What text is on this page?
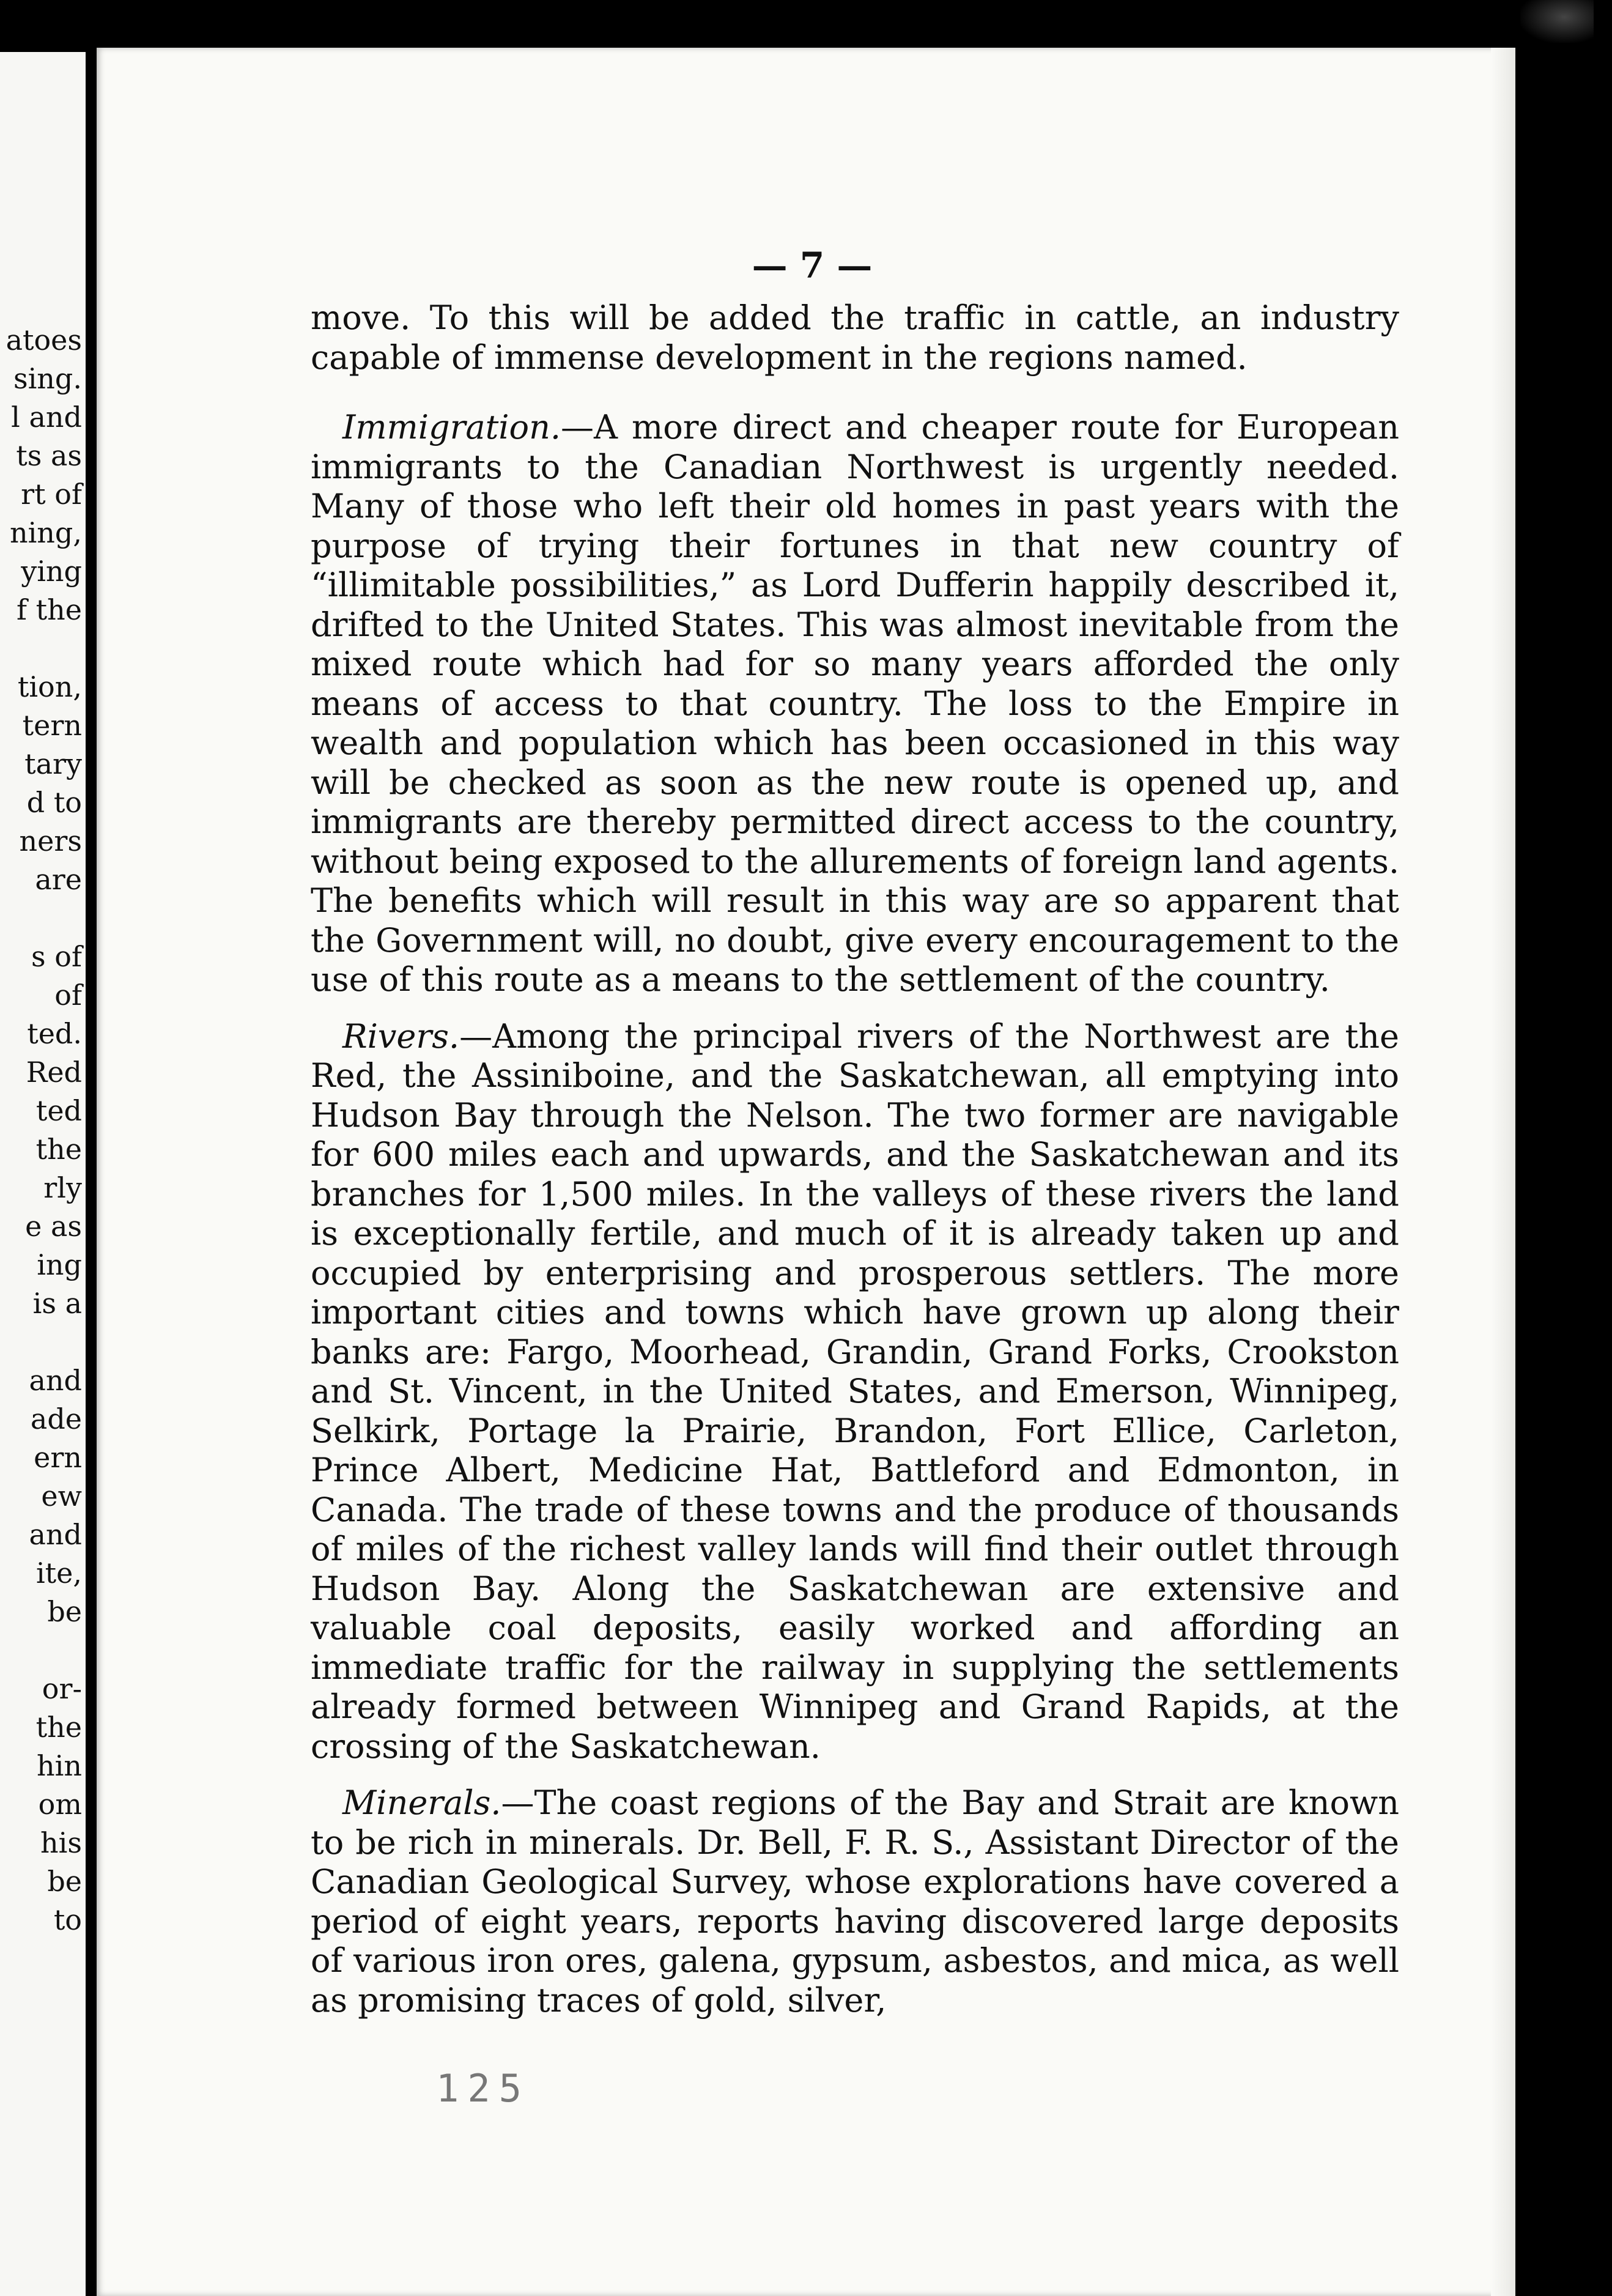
atoes
sing.
l and
ts as
rt of
ning,
ying
f the

tion,
tern
tary
d to
ners
are

s of
of
ted.
Red
ted
the
rly
e as
ing
is a

and
ade
ern
ew
and
ite,
be

or-
the
hin
om
his
be
to
— 7 —

move. To this will be added the traffic in cattle, an industry capable of immense development in the regions named.

Immigration.—A more direct and cheaper route for European immigrants to the Canadian Northwest is urgently needed. Many of those who left their old homes in past years with the purpose of trying their fortunes in that new country of “illimitable possibilities,” as Lord Dufferin happily described it, drifted to the United States. This was almost inevitable from the mixed route which had for so many years afforded the only means of access to that country. The loss to the Empire in wealth and population which has been occasioned in this way will be checked as soon as the new route is opened up, and immigrants are thereby permitted direct access to the country, without being exposed to the allurements of foreign land agents. The benefits which will result in this way are so apparent that the Government will, no doubt, give every encouragement to the use of this route as a means to the settlement of the country.

Rivers.—Among the principal rivers of the Northwest are the Red, the Assiniboine, and the Saskatchewan, all emptying into Hudson Bay through the Nelson. The two former are navigable for 600 miles each and upwards, and the Saskatchewan and its branches for 1,500 miles. In the valleys of these rivers the land is exceptionally fertile, and much of it is already taken up and occupied by enterprising and prosperous settlers. The more important cities and towns which have grown up along their banks are: Fargo, Moorhead, Grandin, Grand Forks, Crookston and St. Vincent, in the United States, and Emerson, Winnipeg, Selkirk, Portage la Prairie, Brandon, Fort Ellice, Carleton, Prince Albert, Medicine Hat, Battleford and Edmonton, in Canada. The trade of these towns and the produce of thousands of miles of the richest valley lands will find their outlet through Hudson Bay. Along the Saskatchewan are extensive and valuable coal deposits, easily worked and affording an immediate traffic for the railway in supplying the settlements already formed between Winnipeg and Grand Rapids, at the crossing of the Saskatchewan.

Minerals.—The coast regions of the Bay and Strait are known to be rich in minerals. Dr. Bell, F. R. S., Assistant Director of the Canadian Geological Survey, whose explorations have covered a period of eight years, reports having discovered large deposits of various iron ores, galena, gypsum, asbestos, and mica, as well as promising traces of gold, silver,

125
